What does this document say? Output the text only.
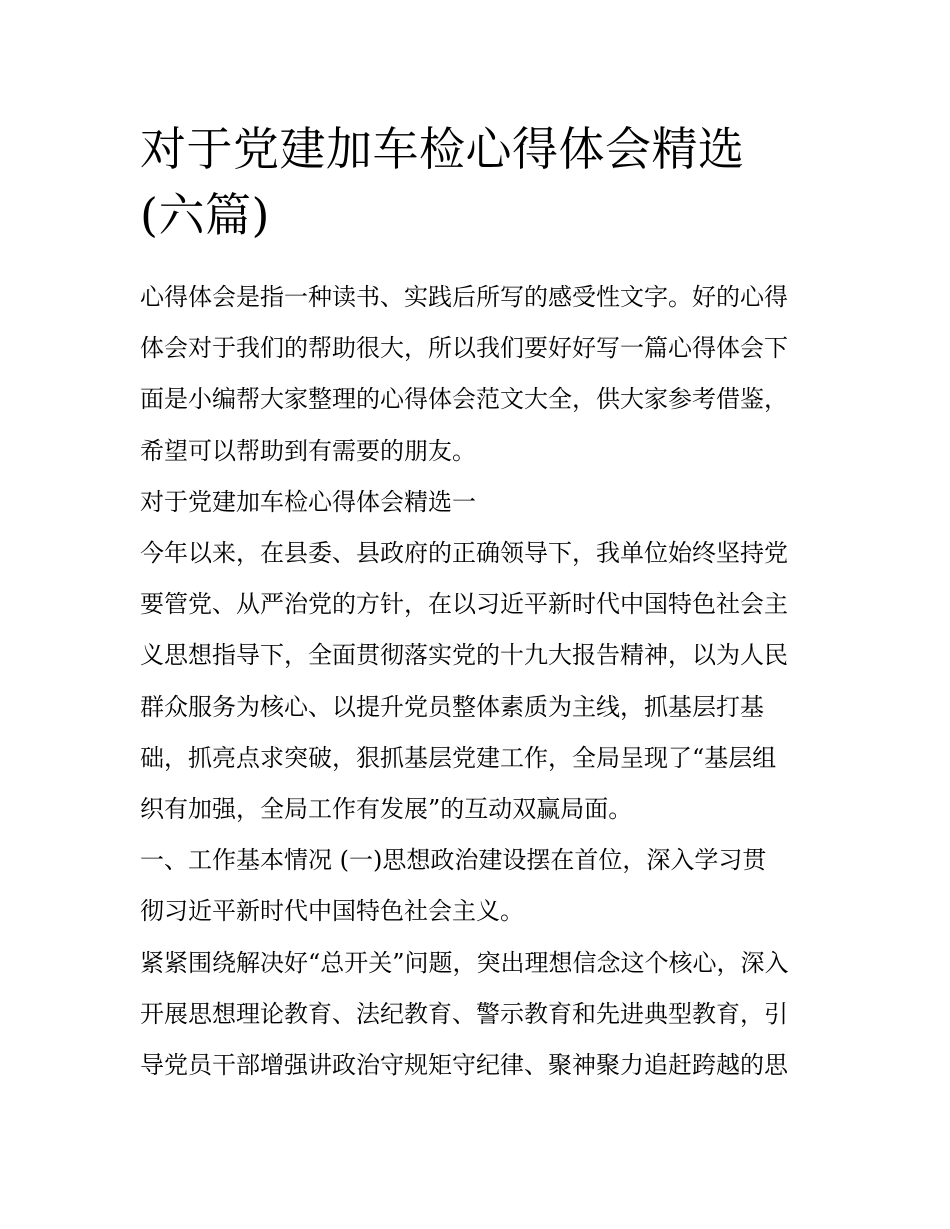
对于党建加车检心得体会精选
(六篇)
心得体会是指一种读书、实践后所写的感受性文字。好的心得
体会对于我们的帮助很大，所以我们要好好写一篇心得体会下
面是小编帮大家整理的心得体会范文大全，供大家参考借鉴，
希望可以帮助到有需要的朋友。
对于党建加车检心得体会精选一
今年以来，在县委、县政府的正确领导下，我单位始终坚持党
要管党、从严治党的方针，在以习近平新时代中国特色社会主
义思想指导下，全面贯彻落实党的十九大报告精神，以为人民
群众服务为核心、以提升党员整体素质为主线，抓基层打基
础，抓亮点求突破，狠抓基层党建工作，全局呈现了“基层组
织有加强，全局工作有发展”的互动双赢局面。
一、工作基本情况 (一)思想政治建设摆在首位，深入学习贯
彻习近平新时代中国特色社会主义。
紧紧围绕解决好“总开关”问题，突出理想信念这个核心，深入
开展思想理论教育、法纪教育、警示教育和先进典型教育，引
导党员干部增强讲政治守规矩守纪律、聚神聚力追赶跨越的思
